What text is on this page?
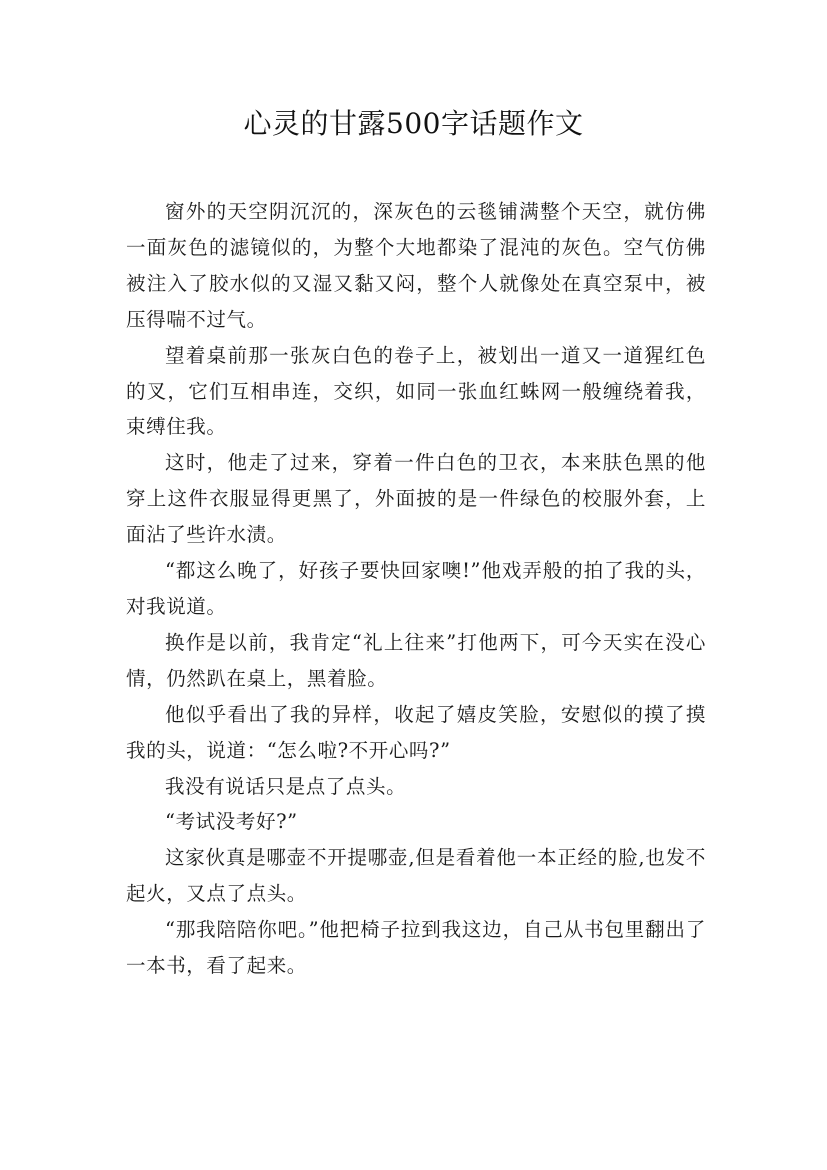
心灵的甘露500字话题作文

窗外的天空阴沉沉的，深灰色的云毯铺满整个天空，就仿佛一面灰色的滤镜似的，为整个大地都染了混沌的灰色。空气仿佛被注入了胶水似的又湿又黏又闷，整个人就像处在真空泵中，被压得喘不过气。

望着桌前那一张灰白色的卷子上，被划出一道又一道猩红色的叉，它们互相串连，交织，如同一张血红蛛网一般缠绕着我，束缚住我。

这时，他走了过来，穿着一件白色的卫衣，本来肤色黑的他穿上这件衣服显得更黑了，外面披的是一件绿色的校服外套，上面沾了些许水渍。

“都这么晚了，好孩子要快回家噢!”他戏弄般的拍了我的头，对我说道。

换作是以前，我肯定“礼上往来”打他两下，可今天实在没心情，仍然趴在桌上，黑着脸。

他似乎看出了我的异样，收起了嬉皮笑脸，安慰似的摸了摸我的头，说道：“怎么啦?不开心吗?”

我没有说话只是点了点头。

“考试没考好?”

这家伙真是哪壶不开提哪壶,但是看着他一本正经的脸,也发不起火，又点了点头。

“那我陪陪你吧。”他把椅子拉到我这边，自己从书包里翻出了一本书，看了起来。
